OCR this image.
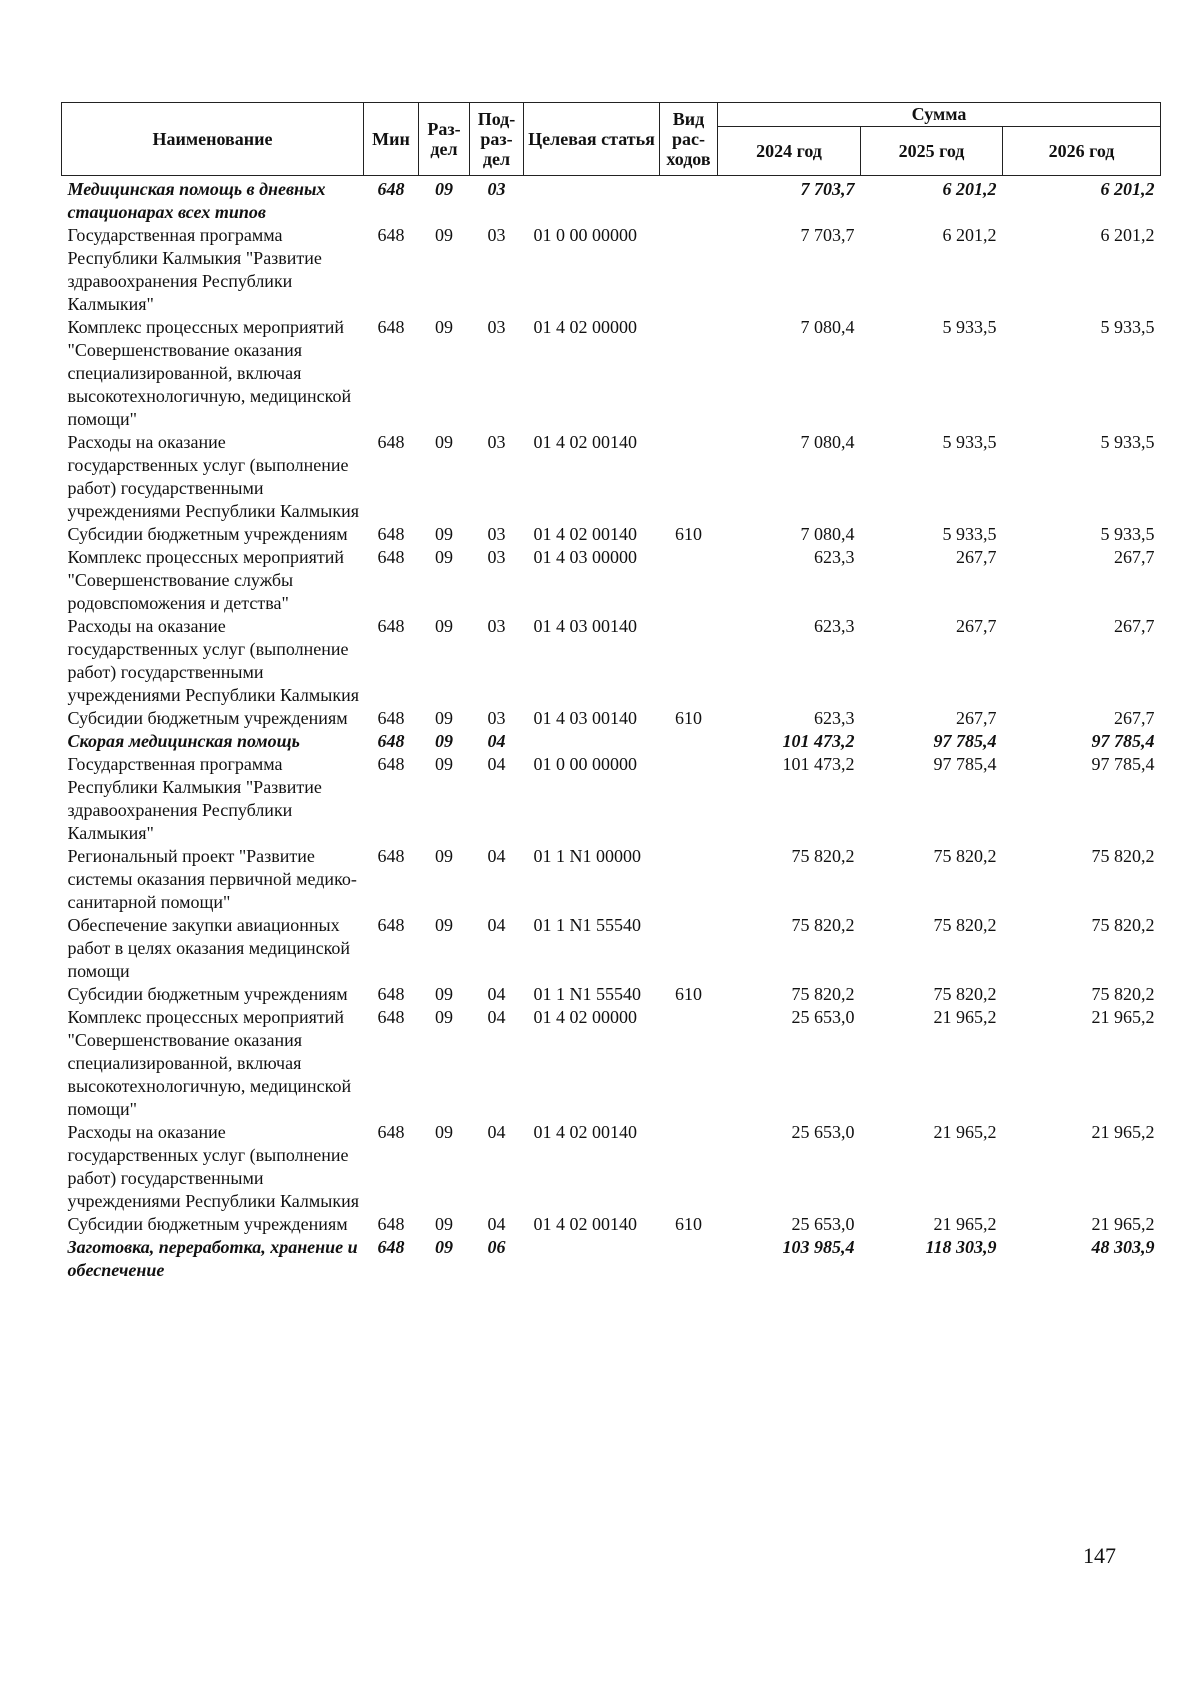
Наименование	Мин	Раз-дел	Под-раз-дел	Целевая статья	Вид рас-ходов	Сумма		
						2024 год	2025 год	2026 год
Медицинская помощь в дневных стационарах всех типов	648	09	03			7 703,7	6 201,2	6 201,2
Государственная программа Республики Калмыкия "Развитие здравоохранения Республики Калмыкия"	648	09	03	01 0 00 00000		7 703,7	6 201,2	6 201,2
Комплекс процессных мероприятий "Совершенствование оказания специализированной, включая высокотехнологичную, медицинской помощи"	648	09	03	01 4 02 00000		7 080,4	5 933,5	5 933,5
Расходы на оказание государственных услуг (выполнение работ) государственными учреждениями Республики Калмыкия	648	09	03	01 4 02 00140		7 080,4	5 933,5	5 933,5
Субсидии бюджетным учреждениям	648	09	03	01 4 02 00140	610	7 080,4	5 933,5	5 933,5
Комплекс процессных мероприятий "Совершенствование службы родовспоможения и детства"	648	09	03	01 4 03 00000		623,3	267,7	267,7
Расходы на оказание государственных услуг (выполнение работ) государственными учреждениями Республики Калмыкия	648	09	03	01 4 03 00140		623,3	267,7	267,7
Субсидии бюджетным учреждениям	648	09	03	01 4 03 00140	610	623,3	267,7	267,7
Скорая медицинская помощь	648	09	04			101 473,2	97 785,4	97 785,4
Государственная программа Республики Калмыкия "Развитие здравоохранения Республики Калмыкия"	648	09	04	01 0 00 00000		101 473,2	97 785,4	97 785,4
Региональный проект "Развитие системы оказания первичной медико-санитарной помощи"	648	09	04	01 1 N1 00000		75 820,2	75 820,2	75 820,2
Обеспечение закупки авиационных работ в целях оказания медицинской помощи	648	09	04	01 1 N1 55540		75 820,2	75 820,2	75 820,2
Субсидии бюджетным учреждениям	648	09	04	01 1 N1 55540	610	75 820,2	75 820,2	75 820,2
Комплекс процессных мероприятий "Совершенствование оказания специализированной, включая высокотехнологичную, медицинской помощи"	648	09	04	01 4 02 00000		25 653,0	21 965,2	21 965,2
Расходы на оказание государственных услуг (выполнение работ) государственными учреждениями Республики Калмыкия	648	09	04	01 4 02 00140		25 653,0	21 965,2	21 965,2
Субсидии бюджетным учреждениям	648	09	04	01 4 02 00140	610	25 653,0	21 965,2	21 965,2
Заготовка, переработка, хранение и обеспечение	648	09	06			103 985,4	118 303,9	48 303,9
147
